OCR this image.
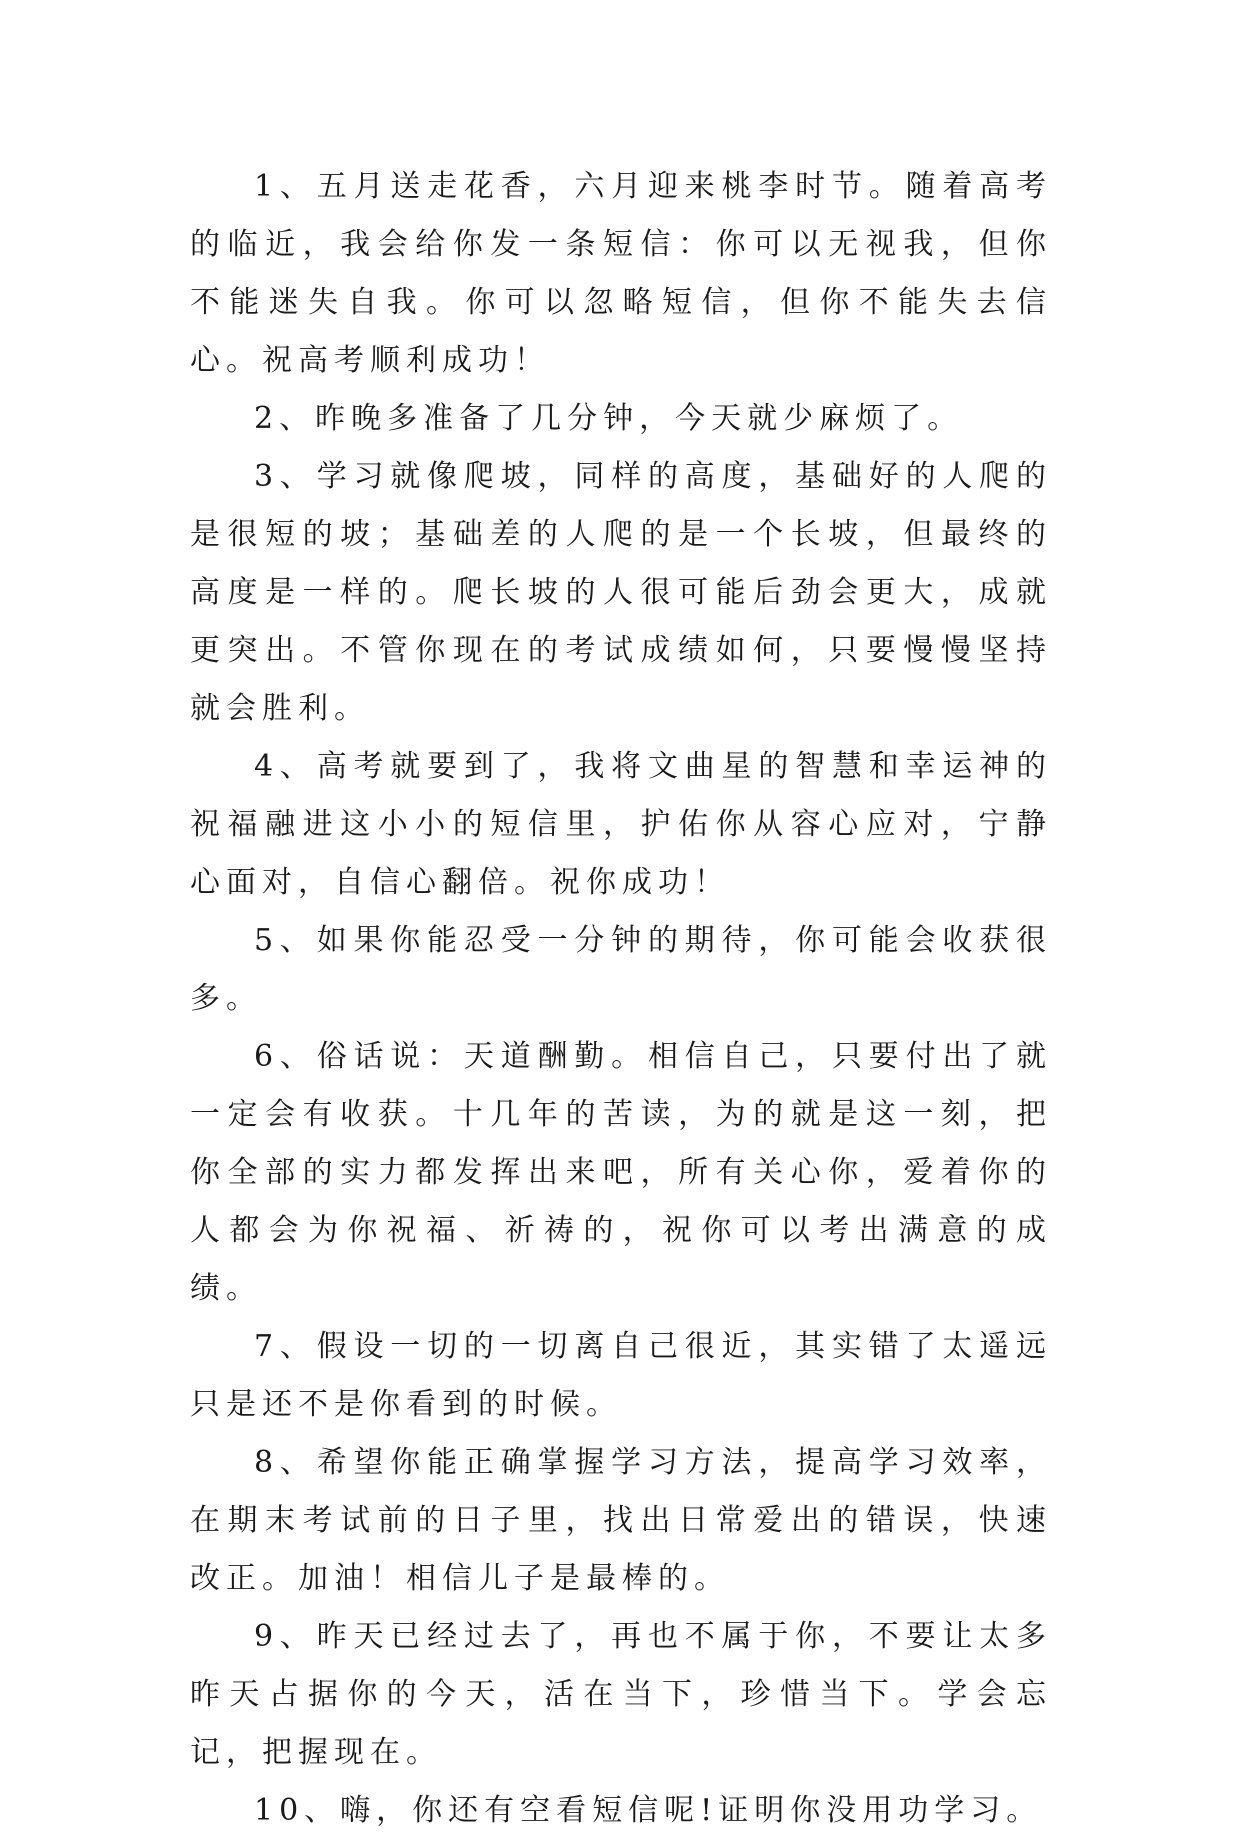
1、五月送走花香，六月迎来桃李时节。随着高考的临近，我会给你发一条短信：你可以无视我，但你不能迷失自我。你可以忽略短信，但你不能失去信心。祝高考顺利成功！

2、昨晚多准备了几分钟，今天就少麻烦了。

3、学习就像爬坡，同样的高度，基础好的人爬的是很短的坡；基础差的人爬的是一个长坡，但最终的高度是一样的。爬长坡的人很可能后劲会更大，成就更突出。不管你现在的考试成绩如何，只要慢慢坚持就会胜利。

4、高考就要到了，我将文曲星的智慧和幸运神的祝福融进这小小的短信里，护佑你从容心应对，宁静心面对，自信心翻倍。祝你成功！

5、如果你能忍受一分钟的期待，你可能会收获很多。

6、俗话说：天道酬勤。相信自己，只要付出了就一定会有收获。十几年的苦读，为的就是这一刻，把你全部的实力都发挥出来吧，所有关心你，爱着你的人都会为你祝福、祈祷的，祝你可以考出满意的成绩。

7、假设一切的一切离自己很近，其实错了太遥远只是还不是你看到的时候。

8、希望你能正确掌握学习方法，提高学习效率，在期末考试前的日子里，找出日常爱出的错误，快速改正。加油！相信儿子是最棒的。

9、昨天已经过去了，再也不属于你，不要让太多昨天占据你的今天，活在当下，珍惜当下。学会忘记，把握现在。

10、嗨，你还有空看短信呢!证明你没用功学习。
